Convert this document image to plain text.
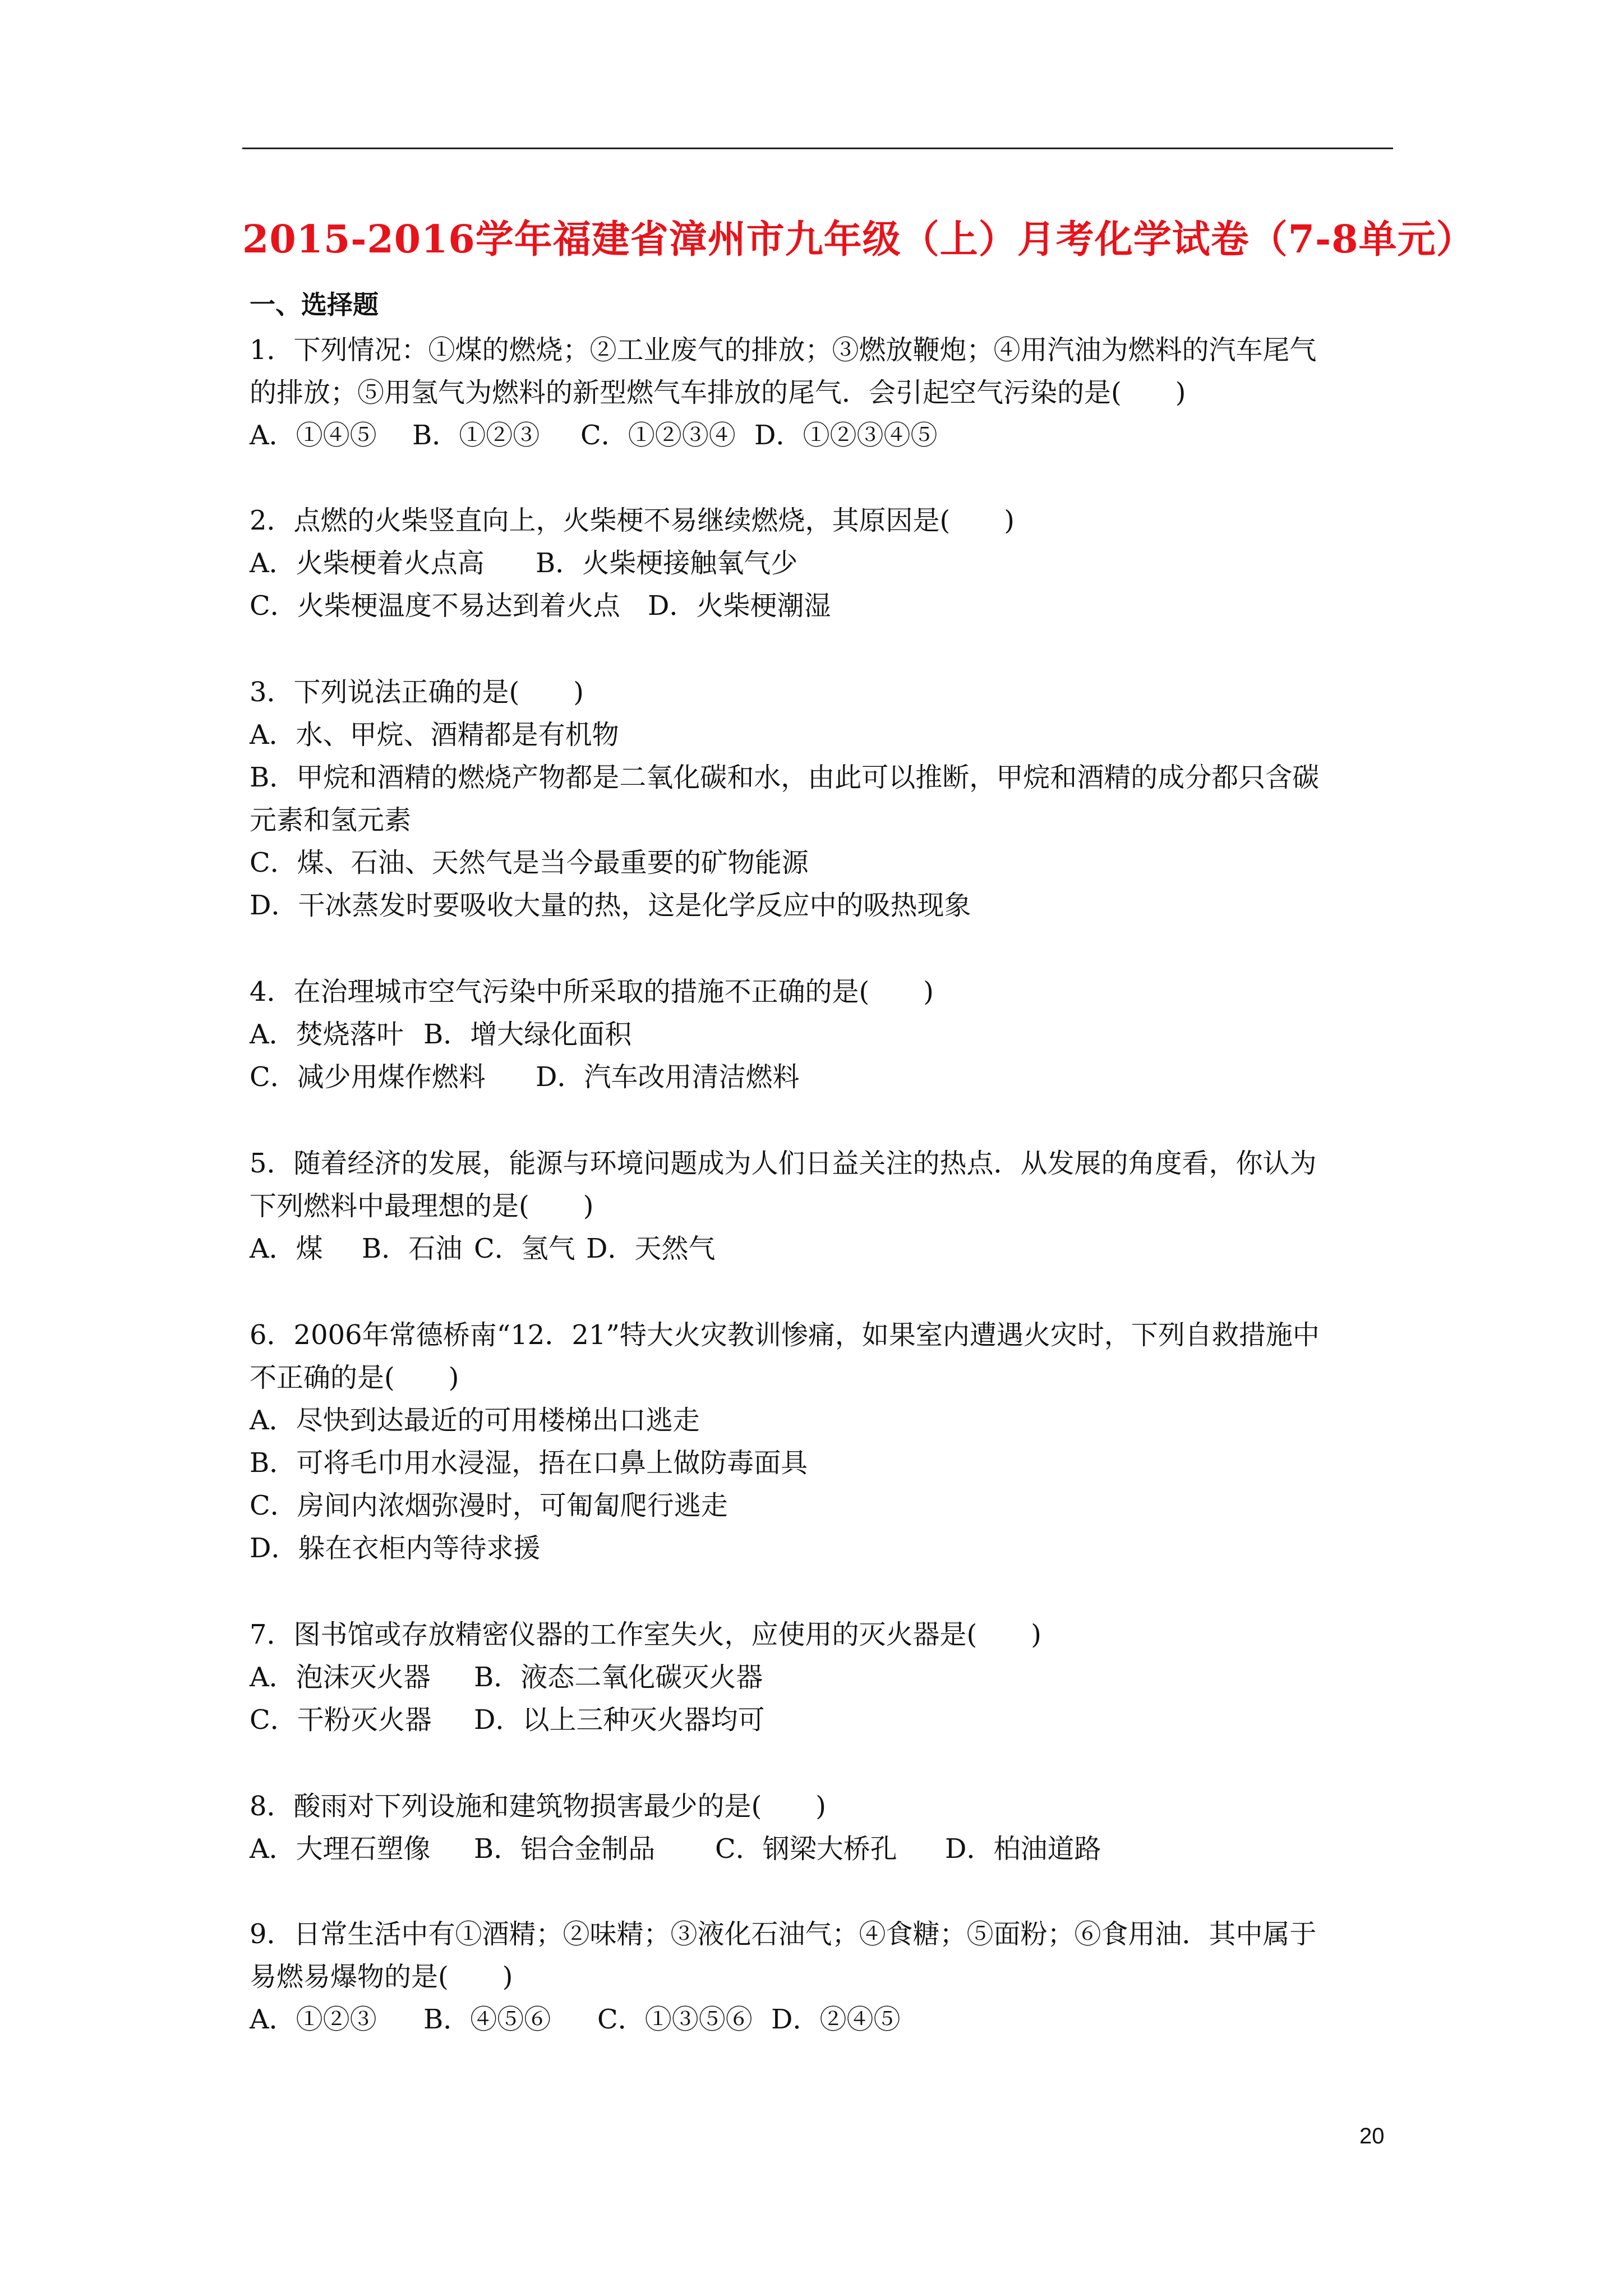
2015-2016学年福建省漳州市九年级（上）月考化学试卷（7-8单元）
一、选择题
1．下列情况：①煤的燃烧；②工业废气的排放；③燃放鞭炮；④用汽油为燃料的汽车尾气
的排放；⑤用氢气为燃料的新型燃气车排放的尾气．会引起空气污染的是(　　)
A．①④⑤ B．①②③ C．①②③④ D．①②③④⑤
2．点燃的火柴竖直向上，火柴梗不易继续燃烧，其原因是(　　)
A．火柴梗着火点高 B．火柴梗接触氧气少
C．火柴梗温度不易达到着火点 D．火柴梗潮湿
3．下列说法正确的是(　　)
A．水、甲烷、酒精都是有机物
B．甲烷和酒精的燃烧产物都是二氧化碳和水，由此可以推断，甲烷和酒精的成分都只含碳
元素和氢元素
C．煤、石油、天然气是当今最重要的矿物能源
D．干冰蒸发时要吸收大量的热，这是化学反应中的吸热现象
4．在治理城市空气污染中所采取的措施不正确的是(　　)
A．焚烧落叶 B．增大绿化面积
C．减少用煤作燃料 D．汽车改用清洁燃料
5．随着经济的发展，能源与环境问题成为人们日益关注的热点．从发展的角度看，你认为
下列燃料中最理想的是(　　)
A．煤 B．石油 C．氢气 D．天然气
6．2006年常德桥南“12．21”特大火灾教训惨痛，如果室内遭遇火灾时，下列自救措施中
不正确的是(　　)
A．尽快到达最近的可用楼梯出口逃走
B．可将毛巾用水浸湿，捂在口鼻上做防毒面具
C．房间内浓烟弥漫时，可匍匐爬行逃走
D．躲在衣柜内等待求援
7．图书馆或存放精密仪器的工作室失火，应使用的灭火器是(　　)
A．泡沫灭火器 B．液态二氧化碳灭火器
C．干粉灭火器 D．以上三种灭火器均可
8．酸雨对下列设施和建筑物损害最少的是(　　)
A．大理石塑像 B．铝合金制品 C．钢梁大桥孔 D．柏油道路
9．日常生活中有①酒精；②味精；③液化石油气；④食糖；⑤面粉；⑥食用油．其中属于
易燃易爆物的是(　　)
A．①②③ B．④⑤⑥ C．①③⑤⑥ D．②④⑤
20
